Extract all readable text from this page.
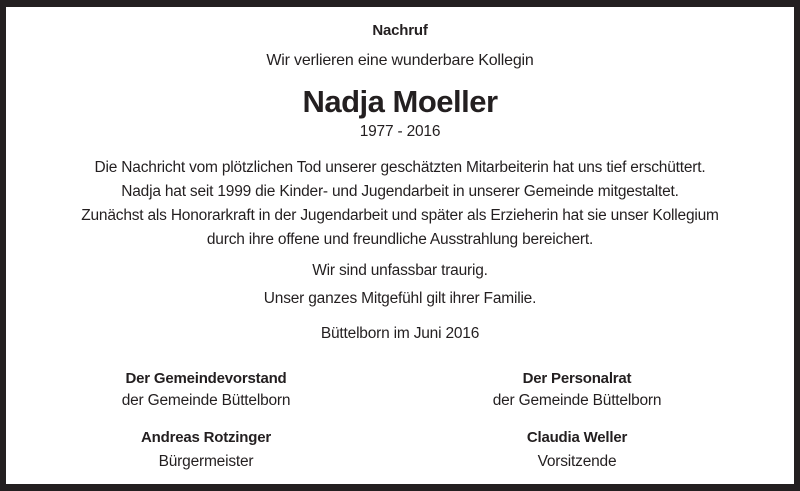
Nachruf
Wir verlieren eine wunderbare Kollegin
Nadja Moeller
1977 - 2016
Die Nachricht vom plötzlichen Tod unserer geschätzten Mitarbeiterin hat uns tief erschüttert.
Nadja hat seit 1999 die Kinder- und Jugendarbeit in unserer Gemeinde mitgestaltet.
Zunächst als Honorarkraft in der Jugendarbeit und später als Erzieherin hat sie unser Kollegium
durch ihre offene und freundliche Ausstrahlung bereichert.
Wir sind unfassbar traurig.
Unser ganzes Mitgefühl gilt ihrer Familie.
Büttelborn im Juni 2016
Der Gemeindevorstand
der Gemeinde Büttelborn
Andreas Rotzinger
Bürgermeister
Der Personalrat
der Gemeinde Büttelborn
Claudia Weller
Vorsitzende
